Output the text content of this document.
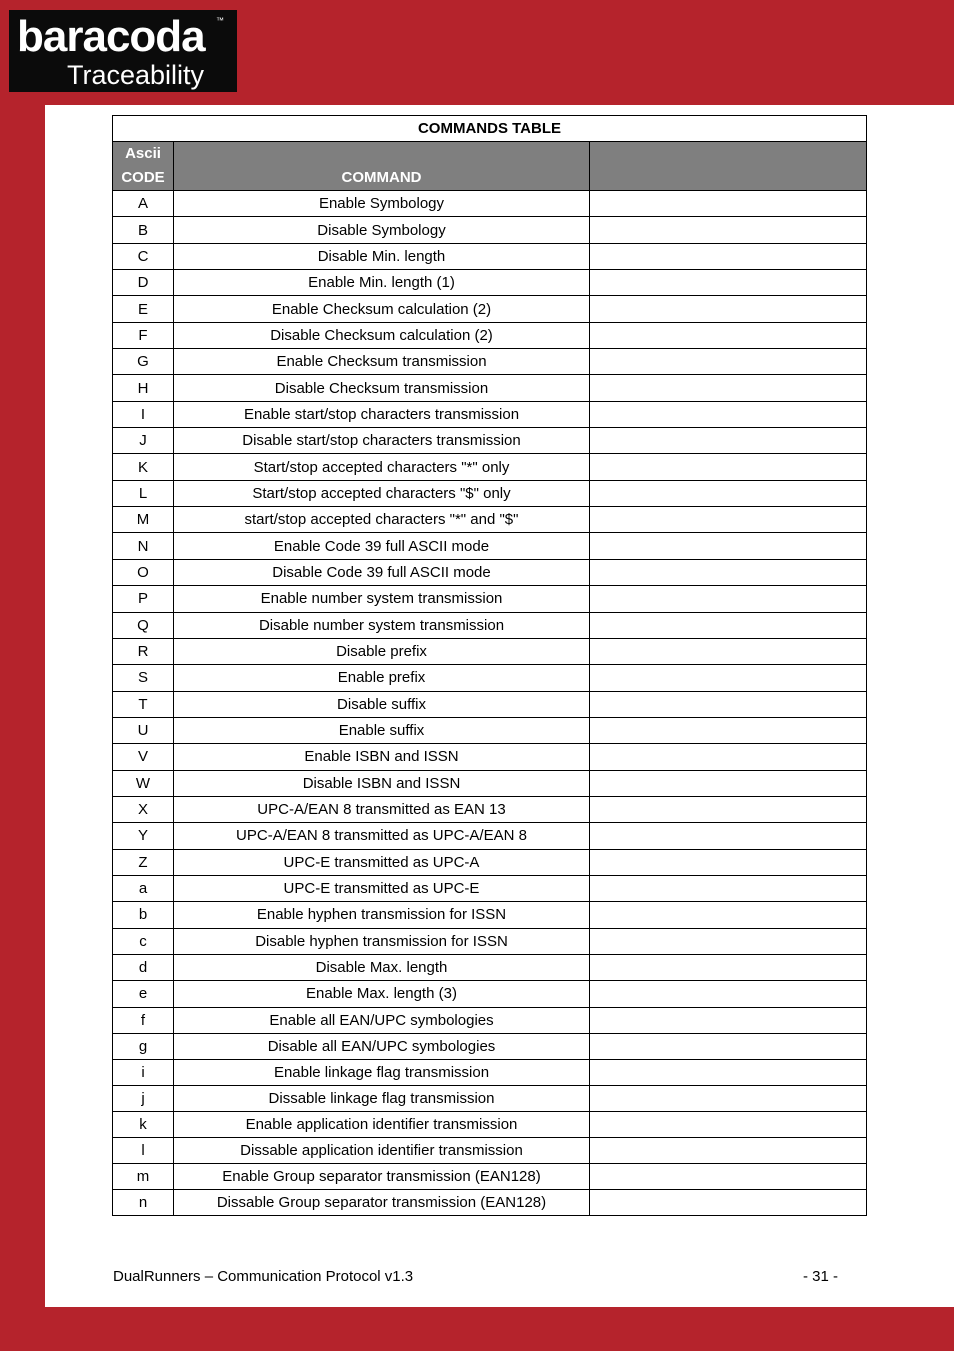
baracoda ™
Traceability
COMMANDS TABLE		
Ascii
CODE	COMMAND	
A	Enable Symbology	
B	Disable Symbology	
C	Disable Min. length	
D	Enable Min. length (1)	
E	Enable Checksum calculation (2)	
F	Disable Checksum calculation (2)	
G	Enable Checksum transmission	
H	Disable Checksum transmission	
I	Enable start/stop characters transmission	
J	Disable start/stop characters transmission	
K	Start/stop accepted characters "*" only	
L	Start/stop accepted characters "$" only	
M	start/stop accepted characters "*" and "$"	
N	Enable Code 39 full ASCII mode	
O	Disable Code 39 full ASCII mode	
P	Enable number system transmission	
Q	Disable number system transmission	
R	Disable prefix	
S	Enable prefix	
T	Disable suffix	
U	Enable suffix	
V	Enable ISBN and ISSN	
W	Disable ISBN and ISSN	
X	UPC-A/EAN 8 transmitted as EAN 13	
Y	UPC-A/EAN 8 transmitted as UPC-A/EAN 8	
Z	UPC-E transmitted as UPC-A	
a	UPC-E transmitted as UPC-E	
b	Enable hyphen transmission for ISSN	
c	Disable hyphen transmission for ISSN	
d	Disable Max. length	
e	Enable Max. length (3)	
f	Enable all EAN/UPC symbologies	
g	Disable all EAN/UPC symbologies	
i	Enable linkage flag transmission	
j	Dissable linkage flag transmission	
k	Enable application identifier transmission	
l	Dissable application identifier transmission	
m	Enable Group separator transmission (EAN128)	
n	Dissable Group separator transmission (EAN128)	
DualRunners – Communication Protocol v1.3	- 31 -
